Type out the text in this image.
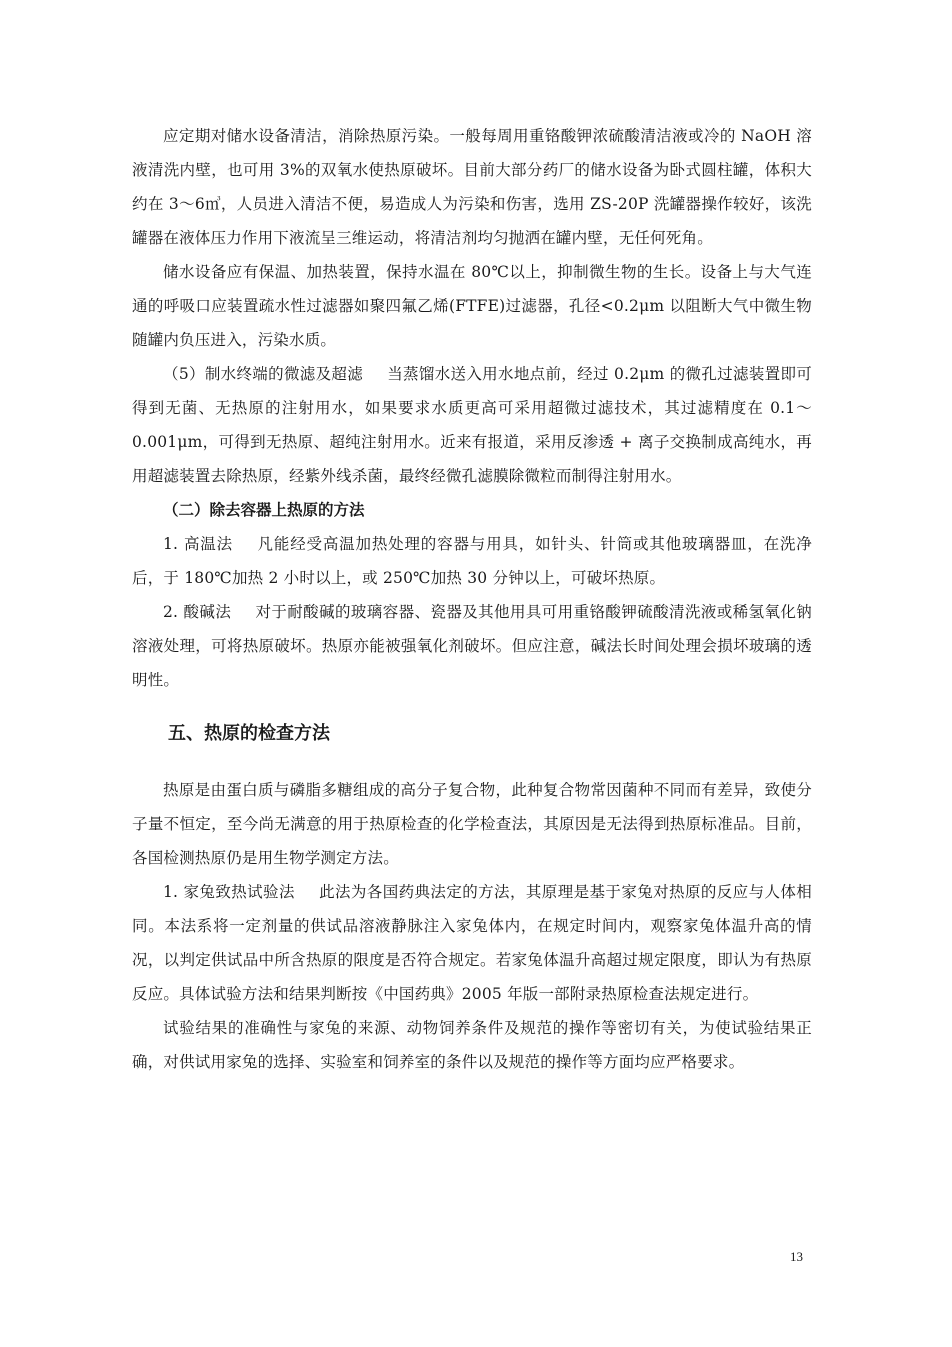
应定期对储水设备清洁，消除热原污染。一般每周用重铬酸钾浓硫酸清洁液或冷的 NaOH 溶液清洗内壁，也可用 3%的双氧水使热原破坏。目前大部分药厂的储水设备为卧式圆柱罐，体积大约在 3～6㎥，人员进入清洁不便，易造成人为污染和伤害，选用 ZS-20P 洗罐器操作较好，该洗罐器在液体压力作用下液流呈三维运动，将清洁剂均匀抛洒在罐内壁，无任何死角。

储水设备应有保温、加热装置，保持水温在 80℃以上，抑制微生物的生长。设备上与大气连通的呼吸口应装置疏水性过滤器如聚四氟乙烯(FTFE)过滤器，孔径<0.2μm 以阻断大气中微生物随罐内负压进入，污染水质。

（5）制水终端的微滤及超滤 当蒸馏水送入用水地点前，经过 0.2μm 的微孔过滤装置即可得到无菌、无热原的注射用水，如果要求水质更高可采用超微过滤技术，其过滤精度在 0.1～0.001μm，可得到无热原、超纯注射用水。近来有报道，采用反渗透 + 离子交换制成高纯水，再用超滤装置去除热原，经紫外线杀菌，最终经微孔滤膜除微粒而制得注射用水。

（二）除去容器上热原的方法

1. 高温法 凡能经受高温加热处理的容器与用具，如针头、针筒或其他玻璃器皿，在洗净后，于 180℃加热 2 小时以上，或 250℃加热 30 分钟以上，可破坏热原。

2. 酸碱法 对于耐酸碱的玻璃容器、瓷器及其他用具可用重铬酸钾硫酸清洗液或稀氢氧化钠溶液处理，可将热原破坏。热原亦能被强氧化剂破坏。但应注意，碱法长时间处理会损坏玻璃的透明性。

五、热原的检查方法

热原是由蛋白质与磷脂多糖组成的高分子复合物，此种复合物常因菌种不同而有差异，致使分子量不恒定，至今尚无满意的用于热原检查的化学检查法，其原因是无法得到热原标准品。目前，各国检测热原仍是用生物学测定方法。

1. 家兔致热试验法 此法为各国药典法定的方法，其原理是基于家兔对热原的反应与人体相同。本法系将一定剂量的供试品溶液静脉注入家兔体内，在规定时间内，观察家兔体温升高的情况，以判定供试品中所含热原的限度是否符合规定。若家兔体温升高超过规定限度，即认为有热原反应。具体试验方法和结果判断按《中国药典》2005 年版一部附录热原检查法规定进行。

试验结果的准确性与家兔的来源、动物饲养条件及规范的操作等密切有关，为使试验结果正确，对供试用家兔的选择、实验室和饲养室的条件以及规范的操作等方面均应严格要求。

13
